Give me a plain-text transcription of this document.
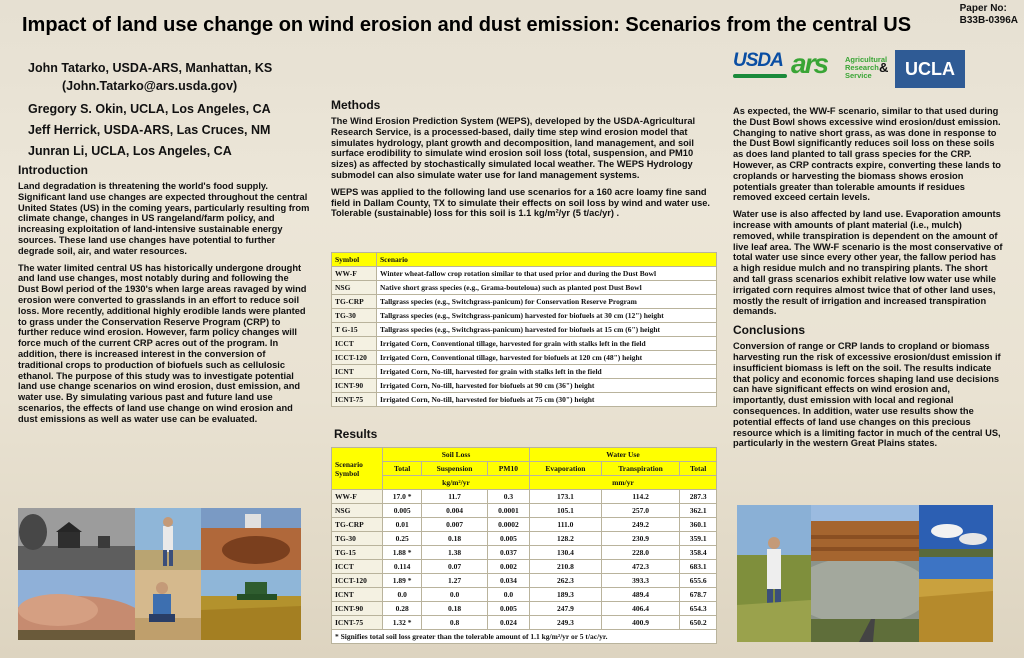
Impact of land use change on wind erosion and dust emission: Scenarios from the central US
Paper No:
B33B-0396A
John Tatarko, USDA-ARS, Manhattan, KS
(John.Tatarko@ars.usda.gov)
Gregory S. Okin, UCLA, Los Angeles, CA
Jeff Herrick, USDA-ARS, Las Cruces, NM
Junran Li, UCLA, Los Angeles, CA
USDA ars Agricultural
Research
Service
& UCLA
Introduction

Land degradation is threatening the world's food supply. Significant land use changes are expected throughout the central United States (US) in the coming years, particularly resulting from climate change, changes in US rangeland/farm policy, and increasing exploitation of land-intensive sustainable energy sources. These land use changes have potential to further degrade soil, air, and water resources.

The water limited central US has historically undergone drought and land use changes, most notably during and following the Dust Bowl period of the 1930's when large areas ravaged by wind erosion were converted to grasslands in an effort to reduce soil loss. More recently, additional highly erodible lands were planted to grass under the Conservation Reserve Program (CRP) to further reduce wind erosion. However, farm policy changes will force much of the current CRP acres out of the program. In addition, there is increased interest in the conversion of traditional crops to production of biofuels such as cellulosic ethanol. The purpose of this study was to investigate potential land use change scenarios on wind erosion, dust emission, and water use. By simulating various past and future land use scenarios, the effects of land use change on wind erosion and dust emissions as well as water use can be evaluated.

Methods

The Wind Erosion Prediction System (WEPS), developed by the USDA-Agricultural Research Service, is a processed-based, daily time step wind erosion model that simulates hydrology, plant growth and decomposition, land management, and soil surface erodibility to simulate wind erosion soil loss (total, suspension, and PM10 sizes) as affected by stochastically simulated local weather. The WEPS Hydrology submodel can also simulate water use for land management systems.

WEPS was applied to the following land use scenarios for a 160 acre loamy fine sand field in Dallam County, TX to simulate their effects on soil loss by wind and water use. Tolerable (sustainable) loss for this soil is 1.1 kg/m²/yr (5 t/ac/yr) .

Symbol	Scenario
WW-F	Winter wheat-fallow crop rotation similar to that used prior and during the Dust Bowl
NSG	Native short grass species (e.g., Grama-bouteloua) such as planted post Dust Bowl
TG-CRP	Tallgrass species (e.g., Switchgrass-panicum) for Conservation Reserve Program
TG-30	Tallgrass species (e.g., Switchgrass-panicum) harvested for biofuels at 30 cm (12") height
T G-15	Tallgrass species (e.g., Switchgrass-panicum) harvested for biofuels at 15 cm (6") height
ICCT	Irrigated Corn, Conventional tillage, harvested for grain with stalks left in the field
ICCT-120	Irrigated Corn, Conventional tillage, harvested for biofuels at 120 cm (48") height
ICNT	Irrigated Corn, No-till, harvested for grain with stalks left in the field
ICNT-90	Irrigated Corn, No-till, harvested for biofuels at 90 cm (36") height
ICNT-75	Irrigated Corn, No-till, harvested for biofuels at 75 cm (30") height
Results
Scenario
Symbol	Soil Loss			Water Use		
	Total	Suspension	PM10	Evaporation	Transpiration	Total
	kg/m²/yr			mm/yr		
WW-F	17.0 *	11.7	0.3	173.1	114.2	287.3
NSG	0.005	0.004	0.0001	105.1	257.0	362.1
TG-CRP	0.01	0.007	0.0002	111.0	249.2	360.1
TG-30	0.25	0.18	0.005	128.2	230.9	359.1
TG-15	1.88 *	1.38	0.037	130.4	228.0	358.4
ICCT	0.114	0.07	0.002	210.8	472.3	683.1
ICCT-120	1.89 *	1.27	0.034	262.3	393.3	655.6
ICNT	0.0	0.0	0.0	189.3	489.4	678.7
ICNT-90	0.28	0.18	0.005	247.9	406.4	654.3
ICNT-75	1.32 *	0.8	0.024	249.3	400.9	650.2
* Signifies total soil loss greater than the tolerable amount of 1.1 kg/m²/yr or 5 t/ac/yr.						

As expected, the WW-F scenario, similar to that used during the Dust Bowl shows excessive wind erosion/dust emission. Changing to native short grass, as was done in response to the Dust Bowl significantly reduces soil loss on these soils as does land planted to tall grass species for the CRP. However, as CRP contracts expire, converting these lands to croplands or harvesting the biomass shows erosion potentials greater than tolerable amounts if residues removed exceed certain levels.

Water use is also affected by land use. Evaporation amounts increase with amounts of plant material (i.e., mulch) removed, while transpiration is dependent on the amount of live leaf area. The WW-F scenario is the most conservative of total water use since every other year, the fallow period has a high residue mulch and no transpiring plants. The short and tall grass scenarios exhibit relative low water use while irrigated corn requires almost twice that of other land uses, mostly the result of irrigation and increased transpiration demands.

Conclusions

Conversion of range or CRP lands to cropland or biomass harvesting run the risk of excessive erosion/dust emission if insufficient biomass is left on the soil. The results indicate that policy and economic forces shaping land use decisions can have significant effects on wind erosion and, importantly, dust emission with local and regional consequences. In addition, water use results show the potential effects of land use changes on this precious resource which is a limiting factor in much of the central US, particularly in the western Great Plains states.
